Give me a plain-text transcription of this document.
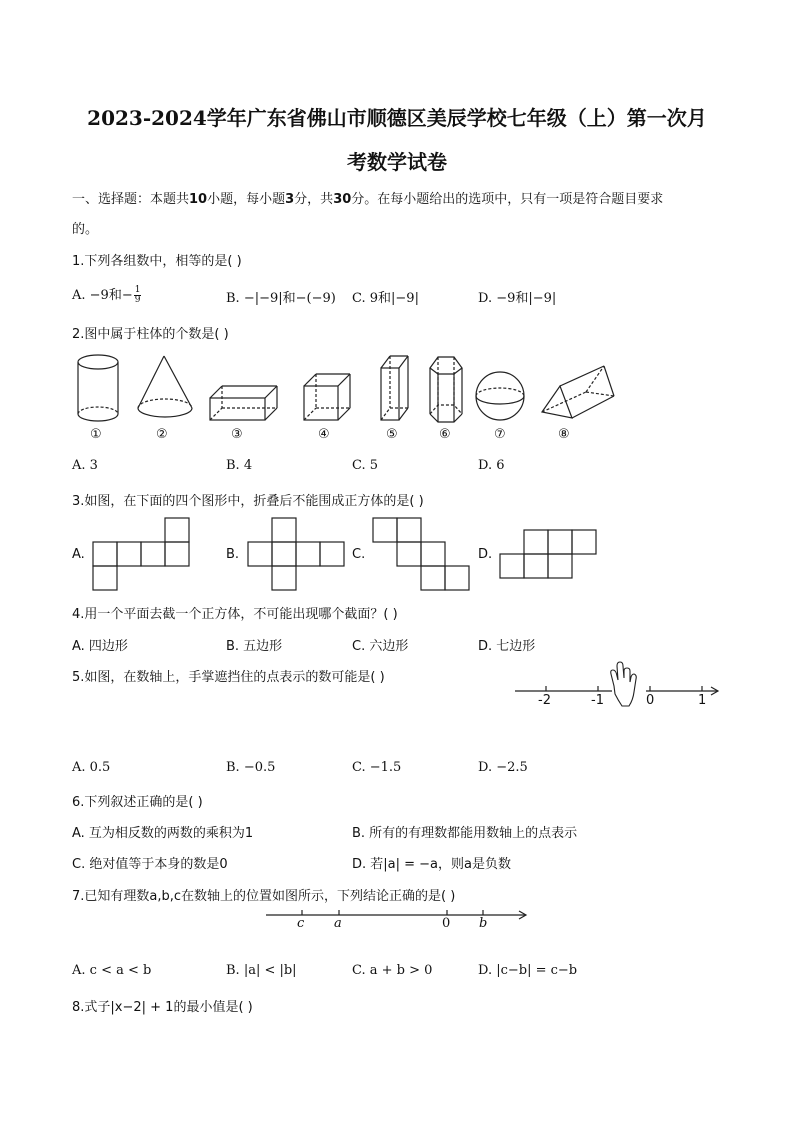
2023-2024学年广东省佛山市顺德区美辰学校七年级（上）第一次月
考数学试卷
一、选择题：本题共10小题，每小题3分，共30分。在每小题给出的选项中，只有一项是符合题目要求
的。
1.下列各组数中，相等的是( )
A. −9和− $\frac{1}{9}$	B. −|−9|和−(−9) C. 9和|−9|	D. −9和|−9|
2.图中属于柱体的个数是( )
①	②	③	④	⑤	⑥	⑦	⑧
A. 3	B. 4	C. 5	D. 6
3.如图，在下面的四个图形中，折叠后不能围成正方体的是( )
A.	B.	C.	D.
4.用一个平面去截一个正方体，不可能出现哪个截面？( )
A. 四边形	B. 五边形	C. 六边形	D. 七边形
5.如图，在数轴上，手掌遮挡住的点表示的数可能是( )
-2	-1	0	1
A. 0.5	B. −0.5	C. −1.5	D. −2.5
6.下列叙述正确的是( )
A. 互为相反数的两数的乘积为1	B. 所有的有理数都能用数轴上的点表示
C. 绝对值等于本身的数是0	D. 若|a| = −a，则a是负数
7.已知有理数a,b,c在数轴上的位置如图所示，下列结论正确的是( )
c a	0 b
A. c < a < b	B. |a| < |b|	C. a + b > 0	D. |c−b| = c−b
8.式子|x−2| + 1的最小值是( )
